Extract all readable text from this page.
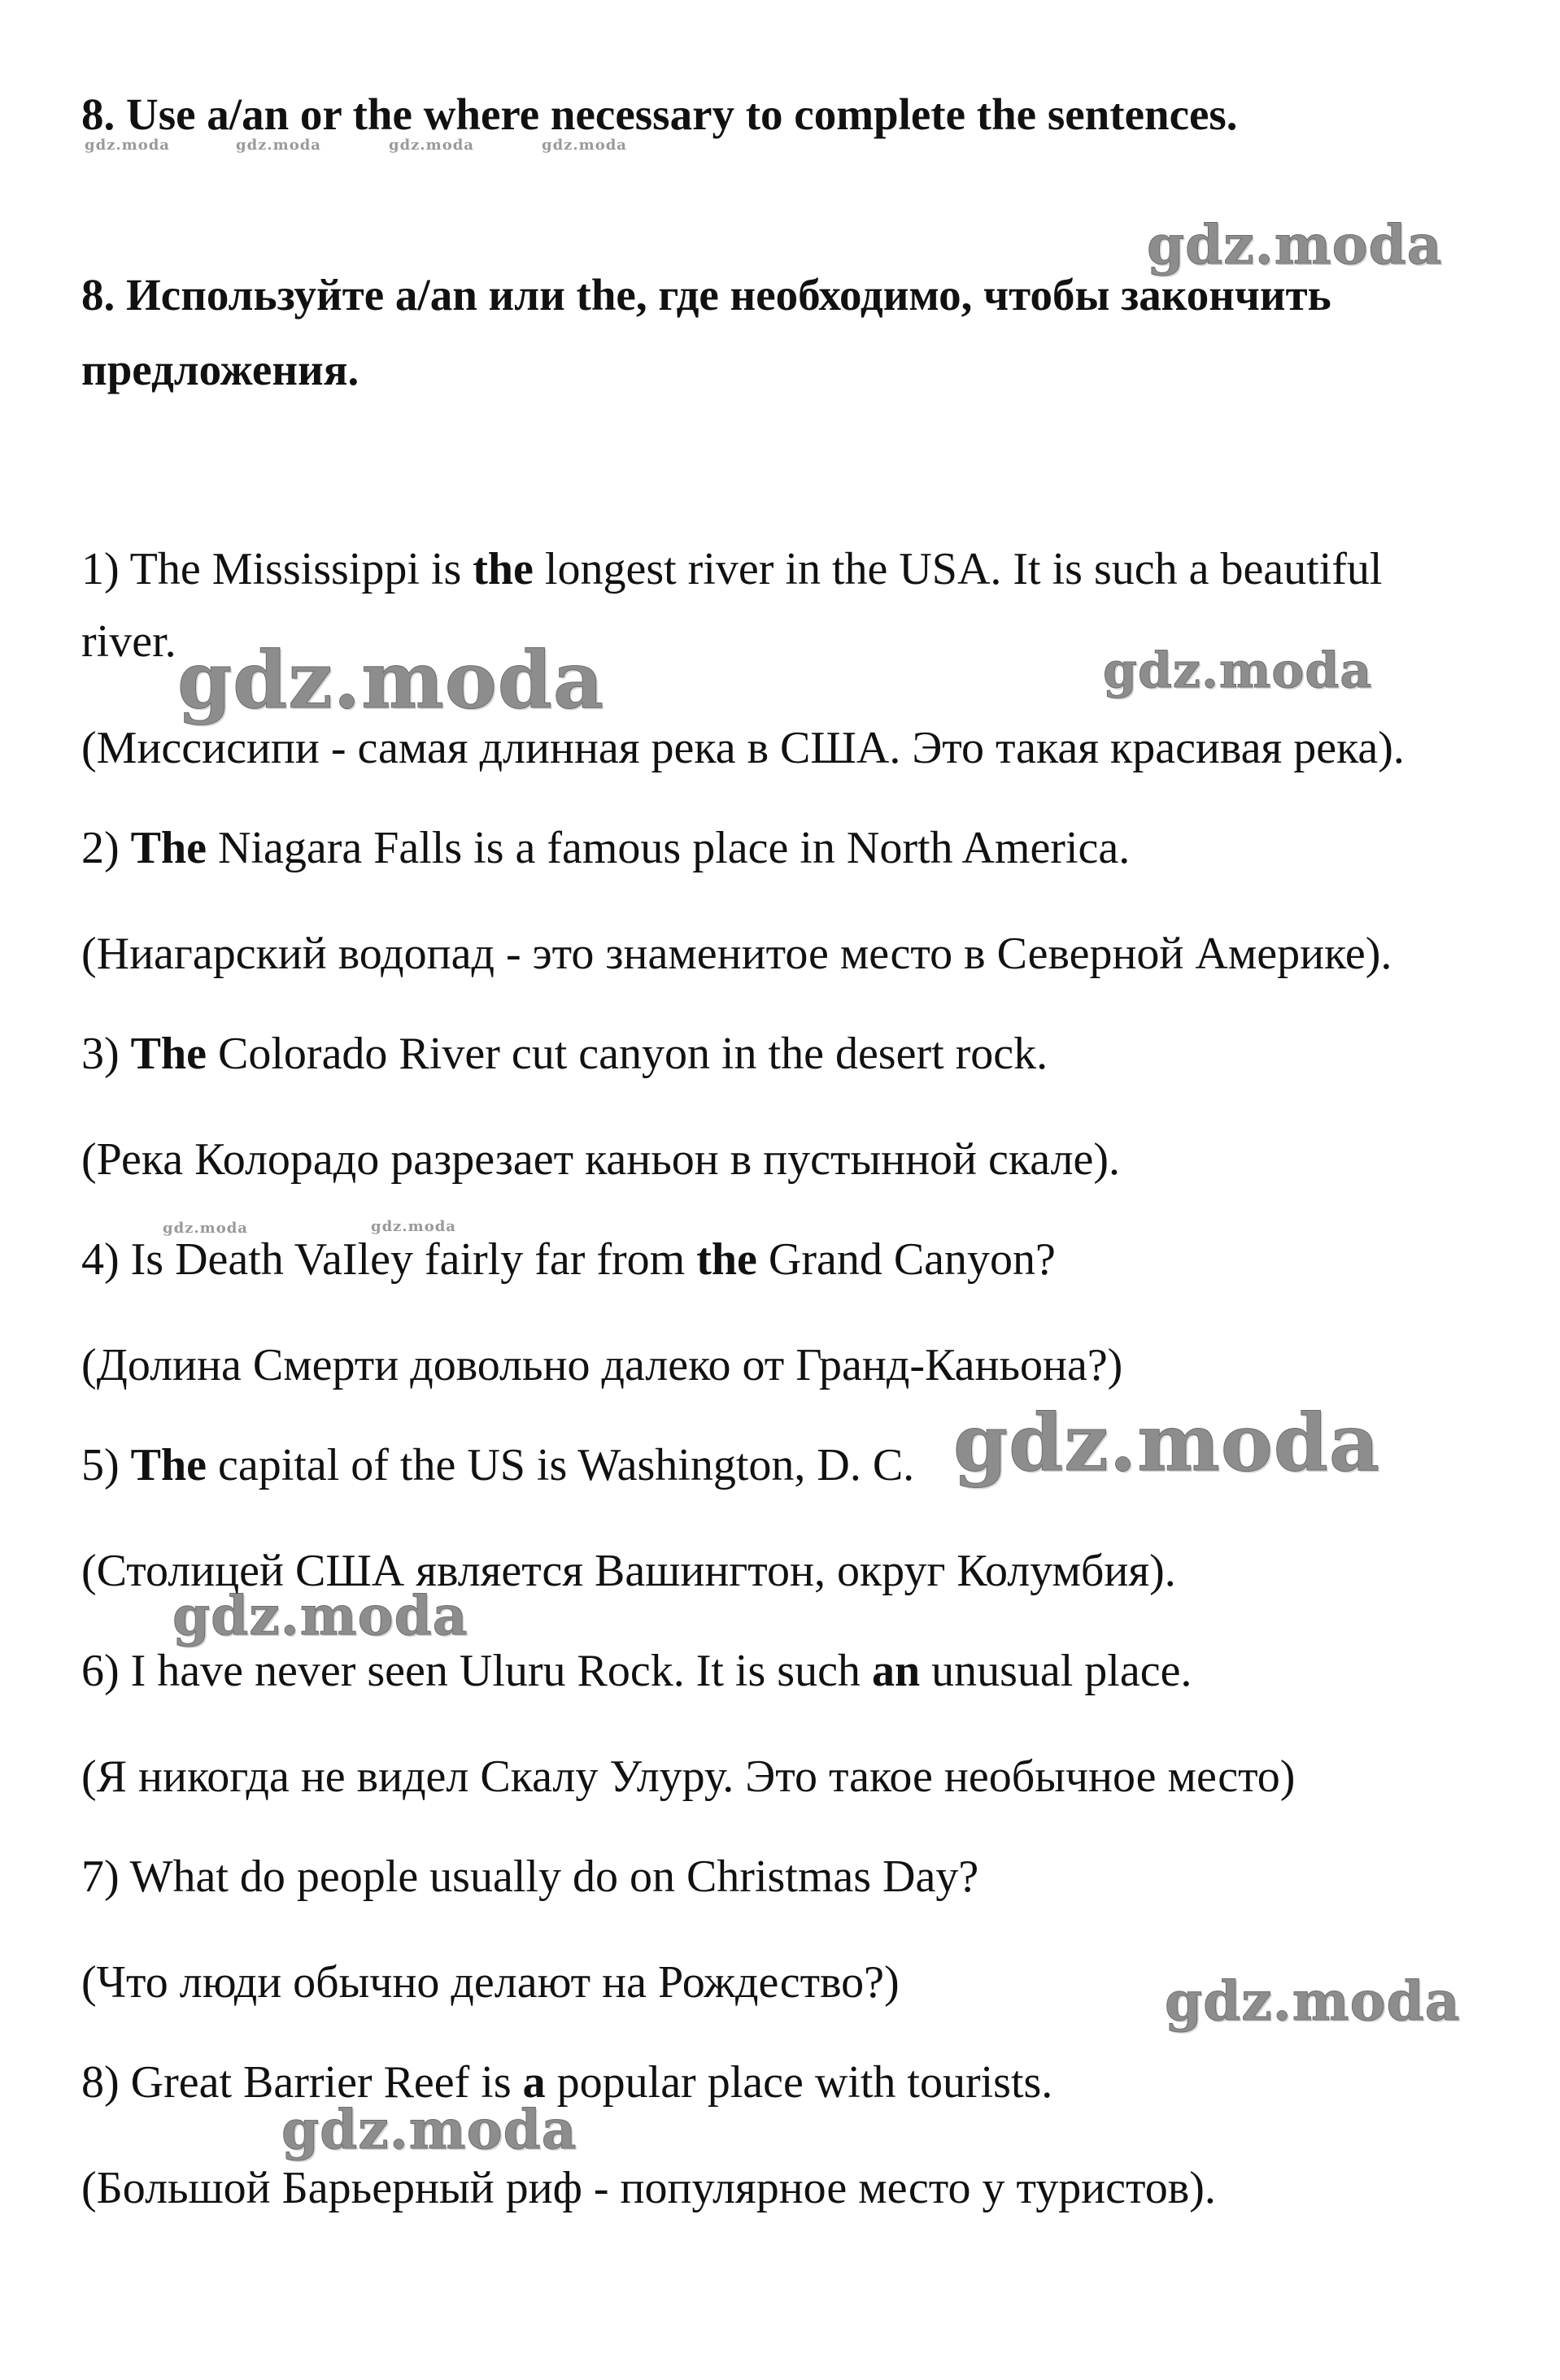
8. Use a/an or the where necessary to complete the sentences.
8. Используйте a/an или the, где необходимо, чтобы закончить
предложения.
1) The Mississippi is the longest river in the USA. It is such a beautiful
river.
(Миссисипи - самая длинная река в США. Это такая красивая река).
2) The Niagara Falls is a famous place in North America.
(Ниагарский водопад - это знаменитое место в Северной Америке).
3) The Colorado River cut canyon in the desert rock.
(Река Колорадо разрезает каньон в пустынной скале).
4) Is Death VaIley fairly far from the Grand Canyon?
(Долина Смерти довольно далеко от Гранд-Каньона?)
5) The capital of the US is Washington, D. C.
(Столицей США является Вашингтон, округ Колумбия).
6) I have never seen Uluru Rock. It is such an unusual place.
(Я никогда не видел Скалу Улуру. Это такое необычное место)
7) What do people usually do on Christmas Day?
(Что люди обычно делают на Рождество?)
8) Great Barrier Reef is a popular place with tourists.
(Большой Барьерный риф - популярное место у туристов).
gdz.moda	gdz.moda	gdz.moda	gdz.moda
gdz.moda
gdz.moda	gdz.moda
gdz.moda	gdz.moda
gdz.moda
gdz.moda
gdz.moda
gdz.moda
